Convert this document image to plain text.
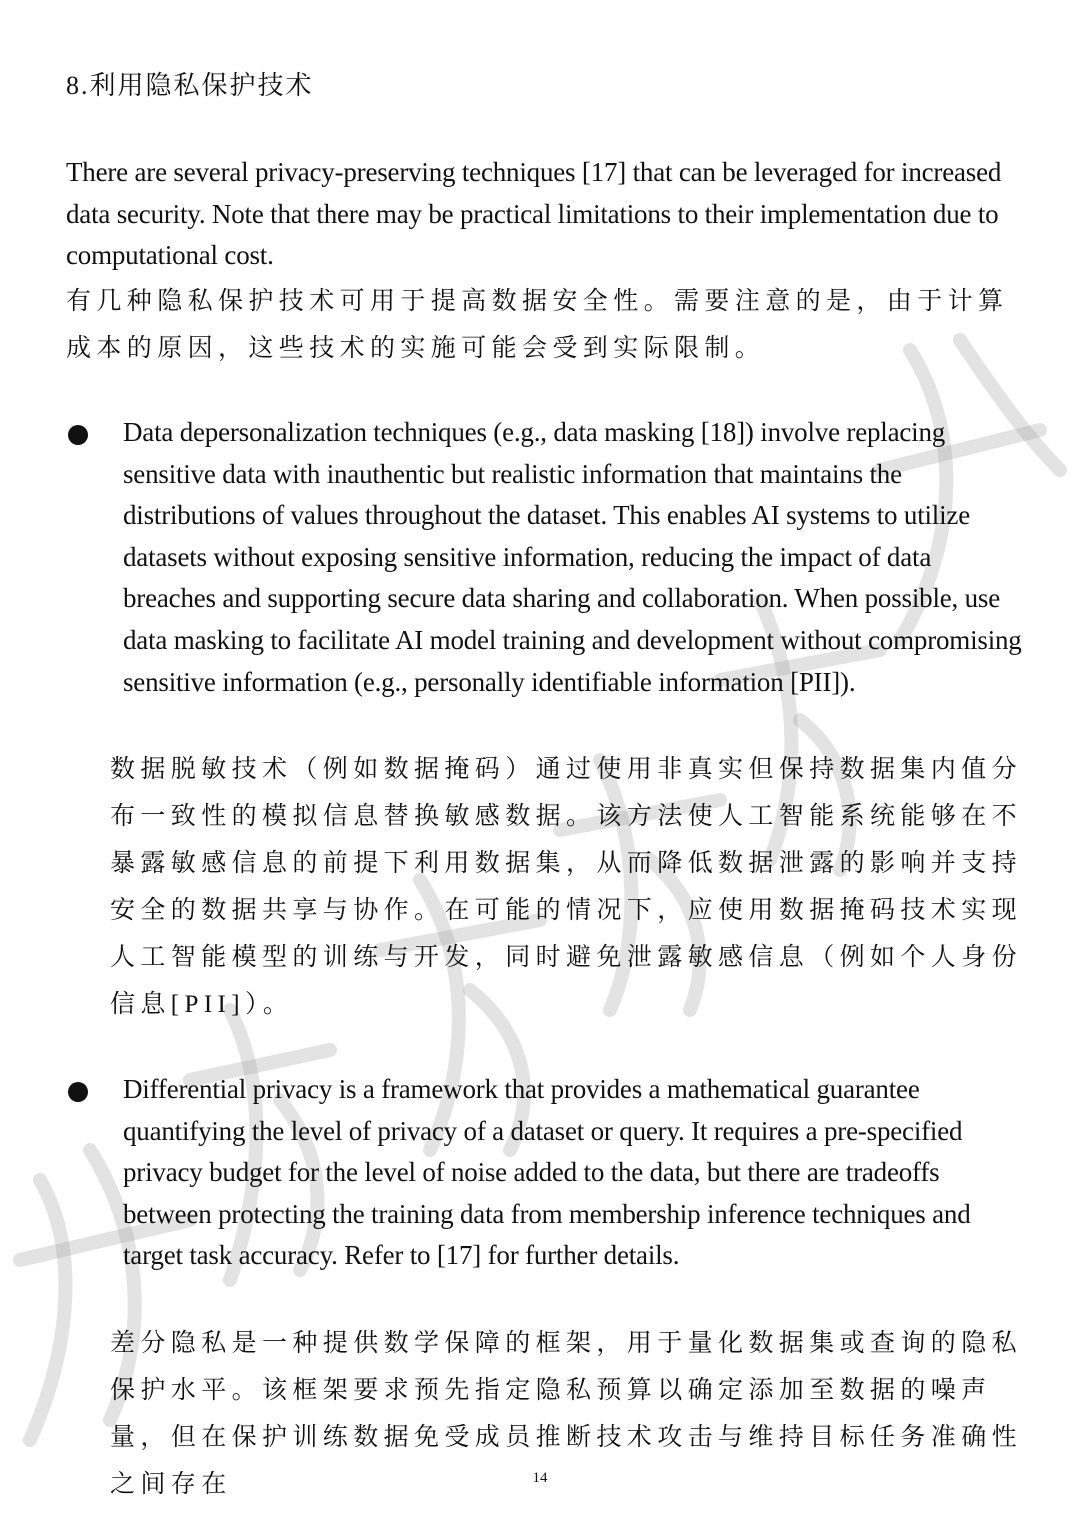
8.利用隐私保护技术

There are several privacy-preserving techniques [17] that can be leveraged for increased data security. Note that there may be practical limitations to their implementation due to computational cost.

有几种隐私保护技术可用于提高数据安全性。需要注意的是，由于计算成本的原因，这些技术的实施可能会受到实际限制。

Data depersonalization techniques (e.g., data masking [18]) involve replacing sensitive data with inauthentic but realistic information that maintains the distributions of values throughout the dataset. This enables AI systems to utilize datasets without exposing sensitive information, reducing the impact of data breaches and supporting secure data sharing and collaboration. When possible, use data masking to facilitate AI model training and development without compromising sensitive information (e.g., personally identifiable information [PII]).

数据脱敏技术（例如数据掩码）通过使用非真实但保持数据集内值分布一致性的模拟信息替换敏感数据。该方法使人工智能系统能够在不暴露敏感信息的前提下利用数据集，从而降低数据泄露的影响并支持安全的数据共享与协作。在可能的情况下，应使用数据掩码技术实现人工智能模型的训练与开发，同时避免泄露敏感信息（例如个人身份信息[PII]）。

Differential privacy is a framework that provides a mathematical guarantee quantifying the level of privacy of a dataset or query. It requires a pre-specified privacy budget for the level of noise added to the data, but there are tradeoffs between protecting the training data from membership inference techniques and target task accuracy. Refer to [17] for further details.

差分隐私是一种提供数学保障的框架，用于量化数据集或查询的隐私保护水平。该框架要求预先指定隐私预算以确定添加至数据的噪声量，但在保护训练数据免受成员推断技术攻击与维持目标任务准确性之间存在	14
